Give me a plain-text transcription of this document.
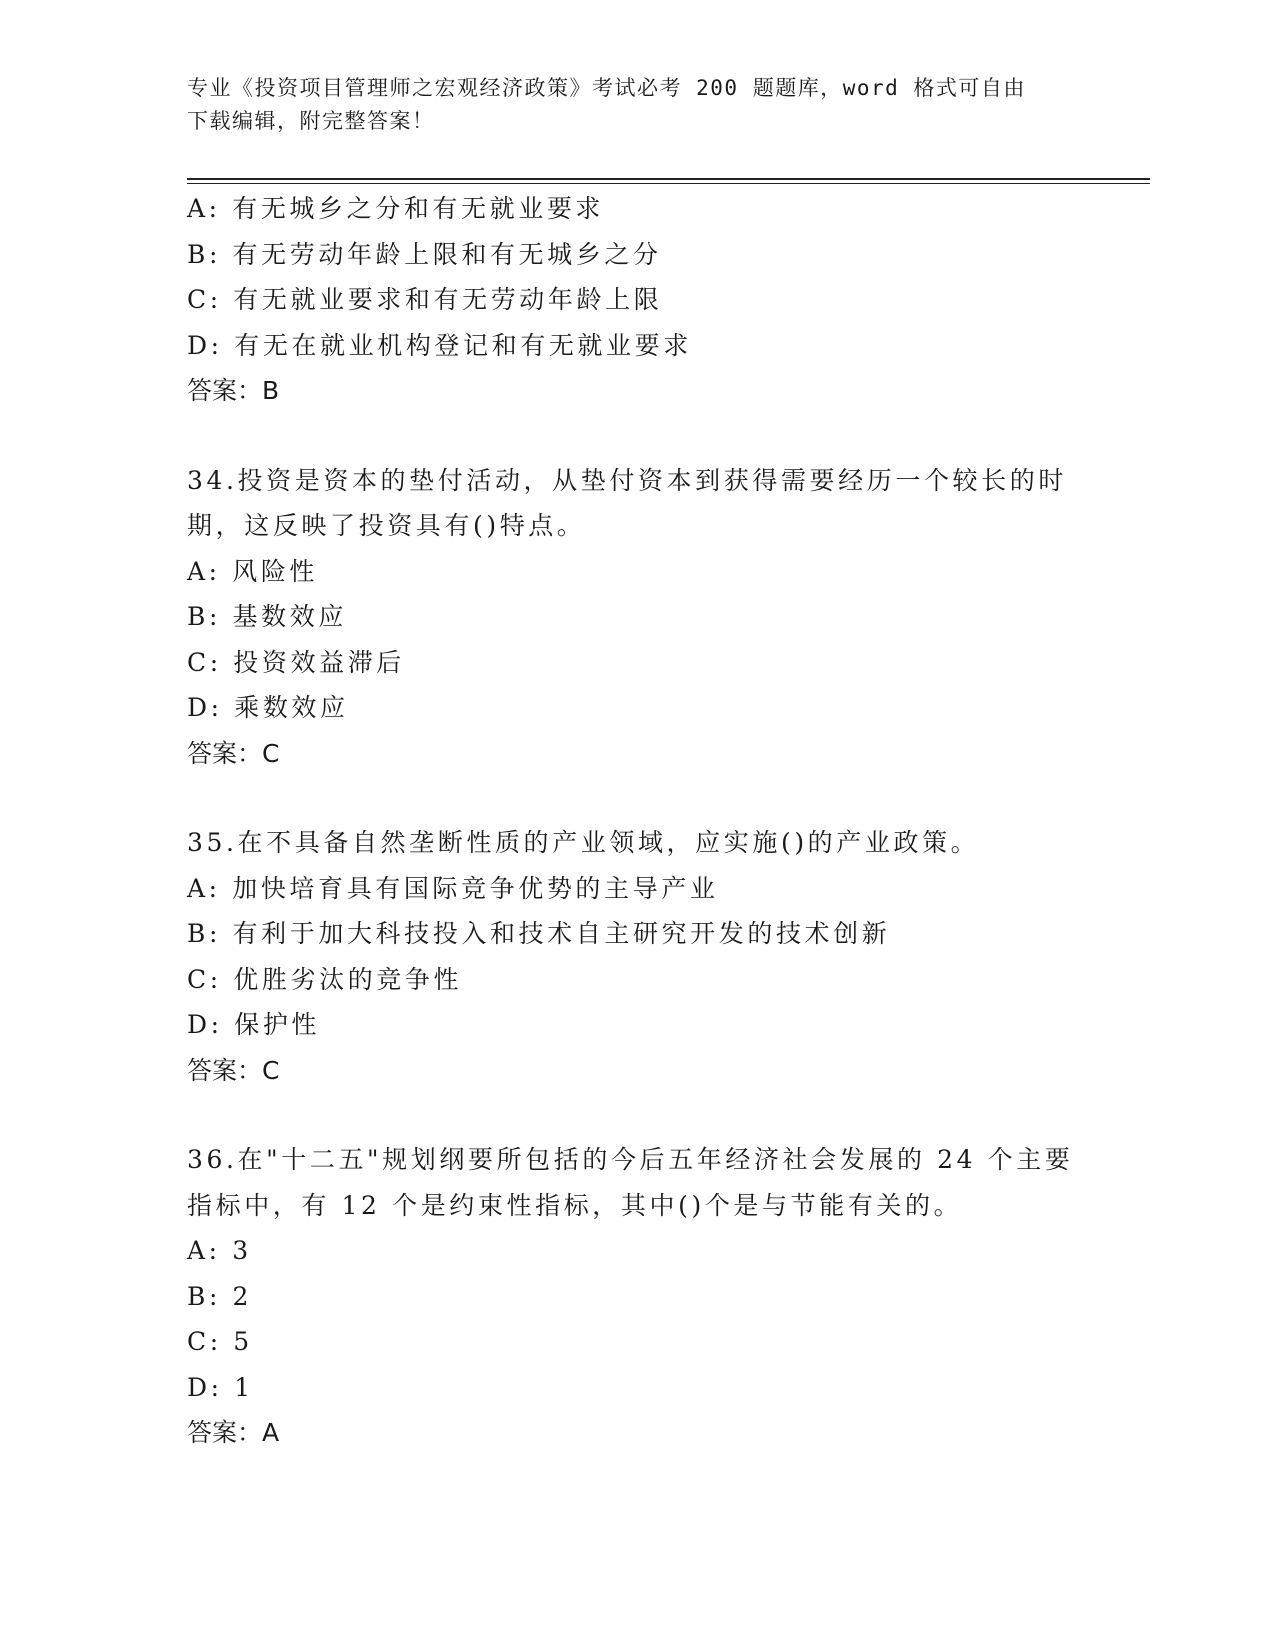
专业《投资项目管理师之宏观经济政策》考试必考 200 题题库，word 格式可自由
下载编辑，附完整答案！
A: 有无城乡之分和有无就业要求
B: 有无劳动年龄上限和有无城乡之分
C: 有无就业要求和有无劳动年龄上限
D: 有无在就业机构登记和有无就业要求
答案：B
34.投资是资本的垫付活动，从垫付资本到获得需要经历一个较长的时
期，这反映了投资具有()特点。
A: 风险性
B: 基数效应
C: 投资效益滞后
D: 乘数效应
答案：C
35.在不具备自然垄断性质的产业领域，应实施()的产业政策。
A: 加快培育具有国际竞争优势的主导产业
B: 有利于加大科技投入和技术自主研究开发的技术创新
C: 优胜劣汰的竞争性
D: 保护性
答案：C
36.在"十二五"规划纲要所包括的今后五年经济社会发展的 24 个主要
指标中，有 12 个是约束性指标，其中()个是与节能有关的。
A: 3
B: 2
C: 5
D: 1
答案：A
